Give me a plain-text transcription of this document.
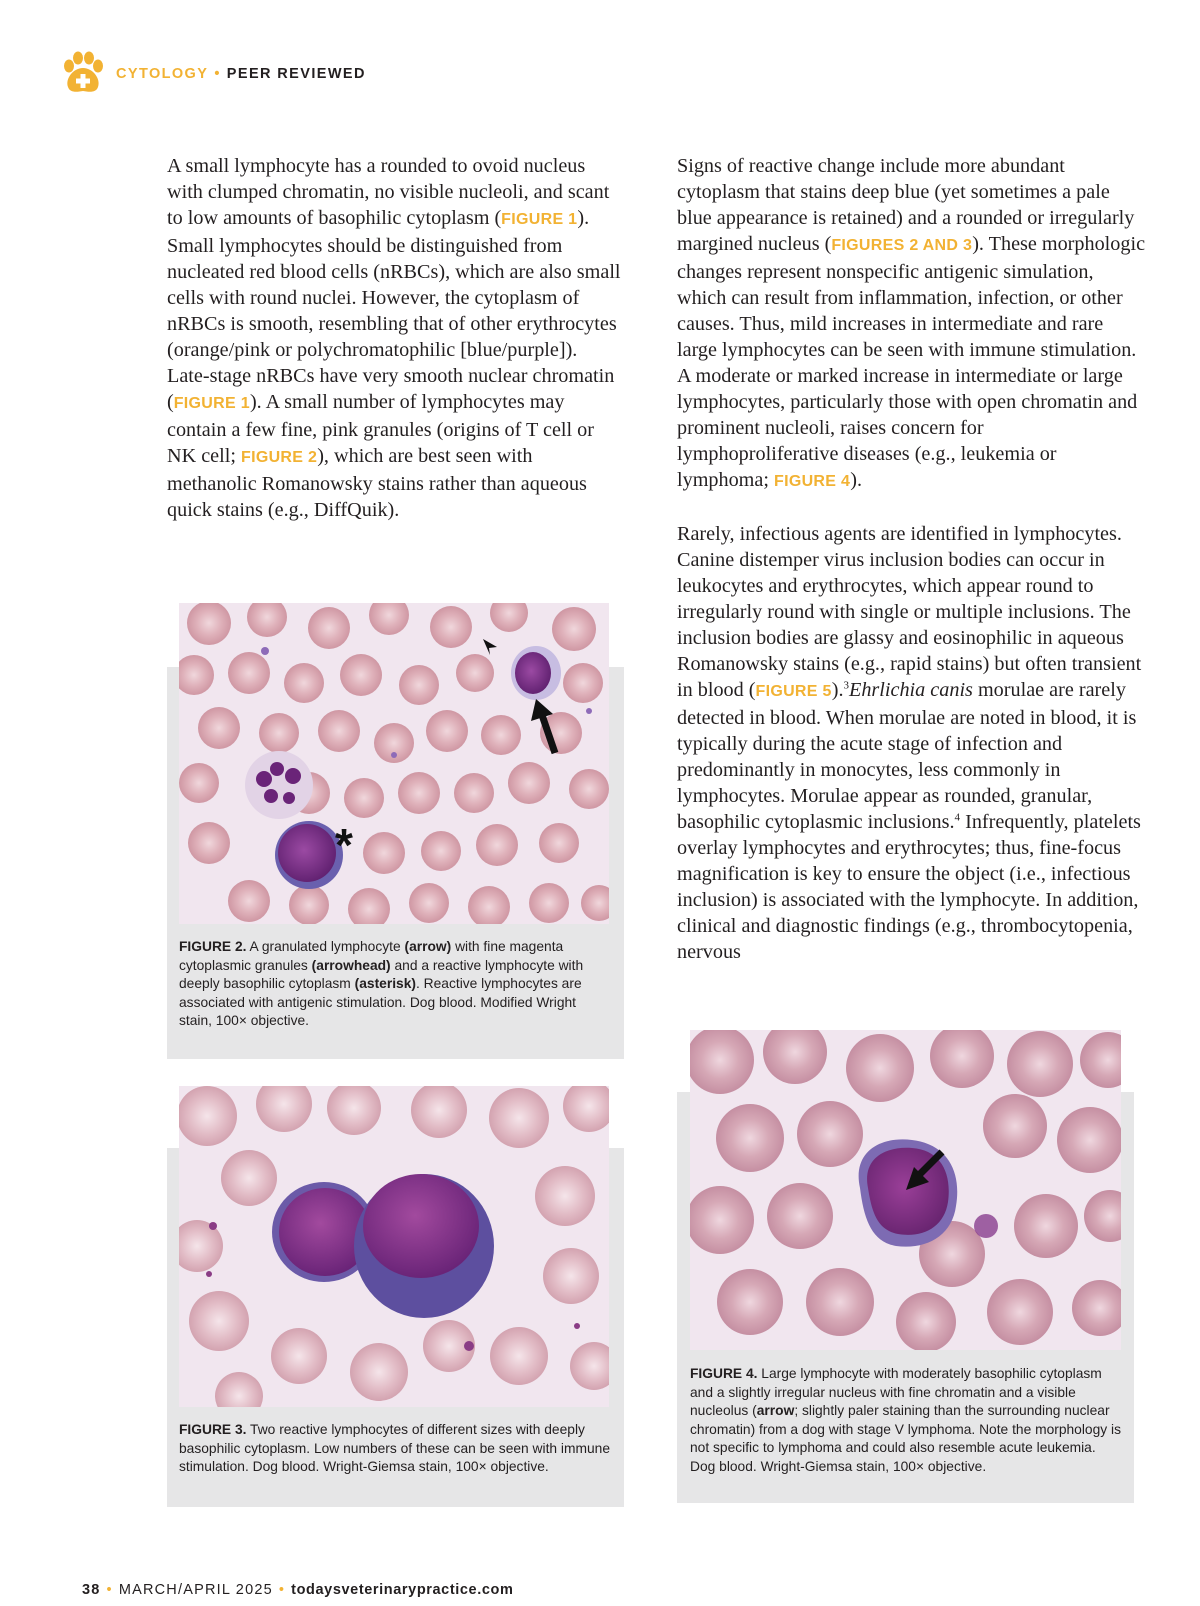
CYTOLOGY • PEER REVIEWED

A small lymphocyte has a rounded to ovoid nucleus with clumped chromatin, no visible nucleoli, and scant to low amounts of basophilic cytoplasm (FIGURE 1). Small lymphocytes should be distinguished from nucleated red blood cells (nRBCs), which are also small cells with round nuclei. However, the cytoplasm of nRBCs is smooth, resembling that of other erythrocytes (orange/pink or polychromatophilic [blue/purple]). Late-stage nRBCs have very smooth nuclear chromatin (FIGURE 1). A small number of lymphocytes may contain a few fine, pink granules (origins of T cell or NK cell; FIGURE 2), which are best seen with methanolic Romanowsky stains rather than aqueous quick stains (e.g., DiffQuik).

Signs of reactive change include more abundant cytoplasm that stains deep blue (yet sometimes a pale blue appearance is retained) and a rounded or irregularly margined nucleus (FIGURES 2 AND 3). These morphologic changes represent nonspecific antigenic simulation, which can result from inflammation, infection, or other causes. Thus, mild increases in intermediate and rare large lymphocytes can be seen with immune stimulation. A moderate or marked increase in intermediate or large lymphocytes, particularly those with open chromatin and prominent nucleoli, raises concern for lymphoproliferative diseases (e.g., leukemia or lymphoma; FIGURE 4).

Rarely, infectious agents are identified in lymphocytes. Canine distemper virus inclusion bodies can occur in leukocytes and erythrocytes, which appear round to irregularly round with single or multiple inclusions. The inclusion bodies are glassy and eosinophilic in aqueous Romanowsky stains (e.g., rapid stains) but often transient in blood (FIGURE 5).$^3$Ehrlichia canis morulae are rarely detected in blood. When morulae are noted in blood, it is typically during the acute stage of infection and predominantly in monocytes, less commonly in lymphocytes. Morulae appear as rounded, granular, basophilic cytoplasmic inclusions.$^4$ Infrequently, platelets overlay lymphocytes and erythrocytes; thus, fine-focus magnification is key to ensure the object (i.e., infectious inclusion) is associated with the lymphocyte. In addition, clinical and diagnostic findings (e.g., thrombocytopenia, nervous

*
FIGURE 2. A granulated lymphocyte (arrow) with fine magenta cytoplasmic granules (arrowhead) and a reactive lymphocyte with deeply basophilic cytoplasm (asterisk). Reactive lymphocytes are associated with antigenic stimulation. Dog blood. Modified Wright stain, 100× objective.
FIGURE 3. Two reactive lymphocytes of different sizes with deeply basophilic cytoplasm. Low numbers of these can be seen with immune stimulation. Dog blood. Wright-Giemsa stain, 100× objective.
FIGURE 4. Large lymphocyte with moderately basophilic cytoplasm and a slightly irregular nucleus with fine chromatin and a visible nucleolus (arrow; slightly paler staining than the surrounding nuclear chromatin) from a dog with stage V lymphoma. Note the morphology is not specific to lymphoma and could also resemble acute leukemia. Dog blood. Wright-Giemsa stain, 100× objective.
38 • MARCH/APRIL 2025 • todaysveterinarypractice.com
